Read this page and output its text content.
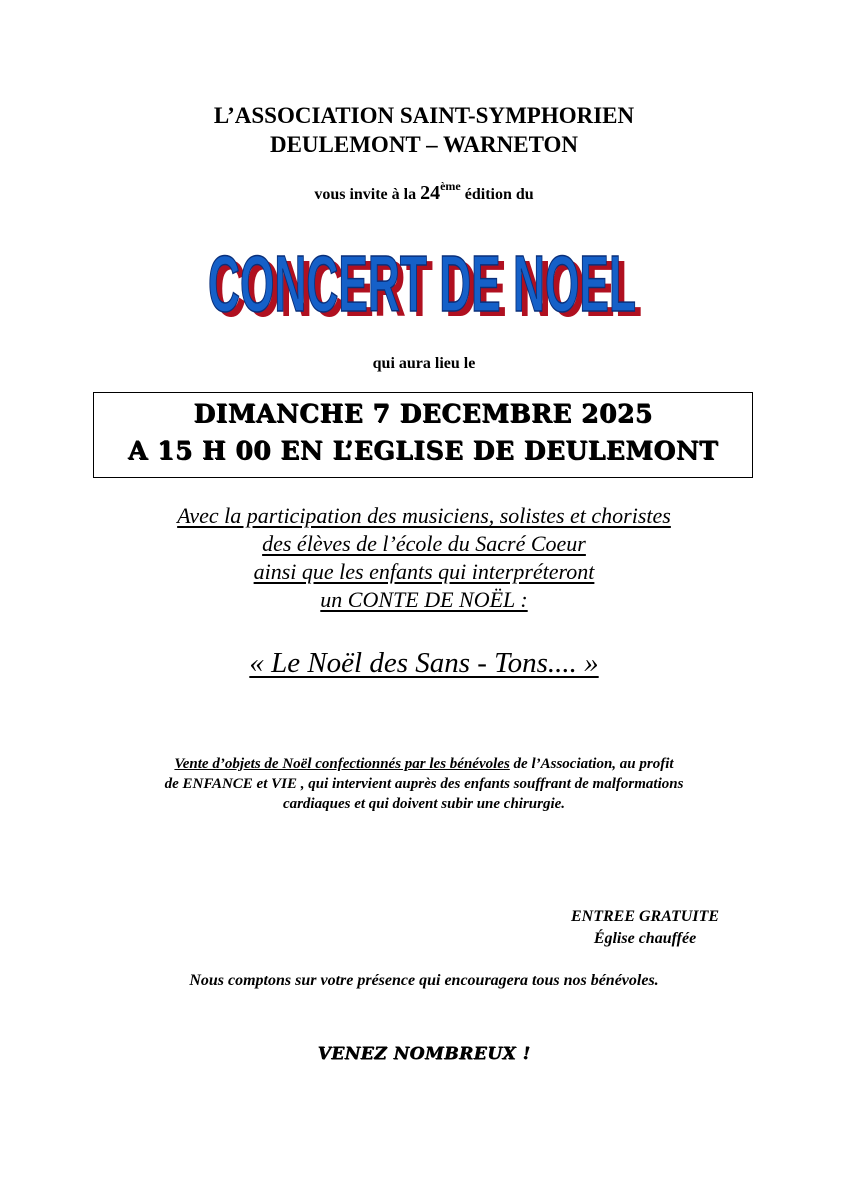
L’ASSOCIATION SAINT-SYMPHORIEN
DEULEMONT – WARNETON
vous invite à la 24ème édition du
CONCERT DE NOEL
CONCERT DE NOEL
qui aura lieu le
DIMANCHE 7 DECEMBRE 2025
A 15 H 00 EN L’EGLISE DE DEULEMONT
Avec la participation des musiciens, solistes et choristes
des élèves de l’école du Sacré Coeur
ainsi que les enfants qui interpréteront
un CONTE DE NOËL :
« Le Noël des Sans - Tons.... »
Vente d’objets de Noël confectionnés par les bénévoles de l’Association, au profit
de ENFANCE et VIE , qui intervient auprès des enfants souffrant de malformations
cardiaques et qui doivent subir une chirurgie.
ENTREE GRATUITE
Église chauffée
Nous comptons sur votre présence qui encouragera tous nos bénévoles.
VENEZ NOMBREUX !
